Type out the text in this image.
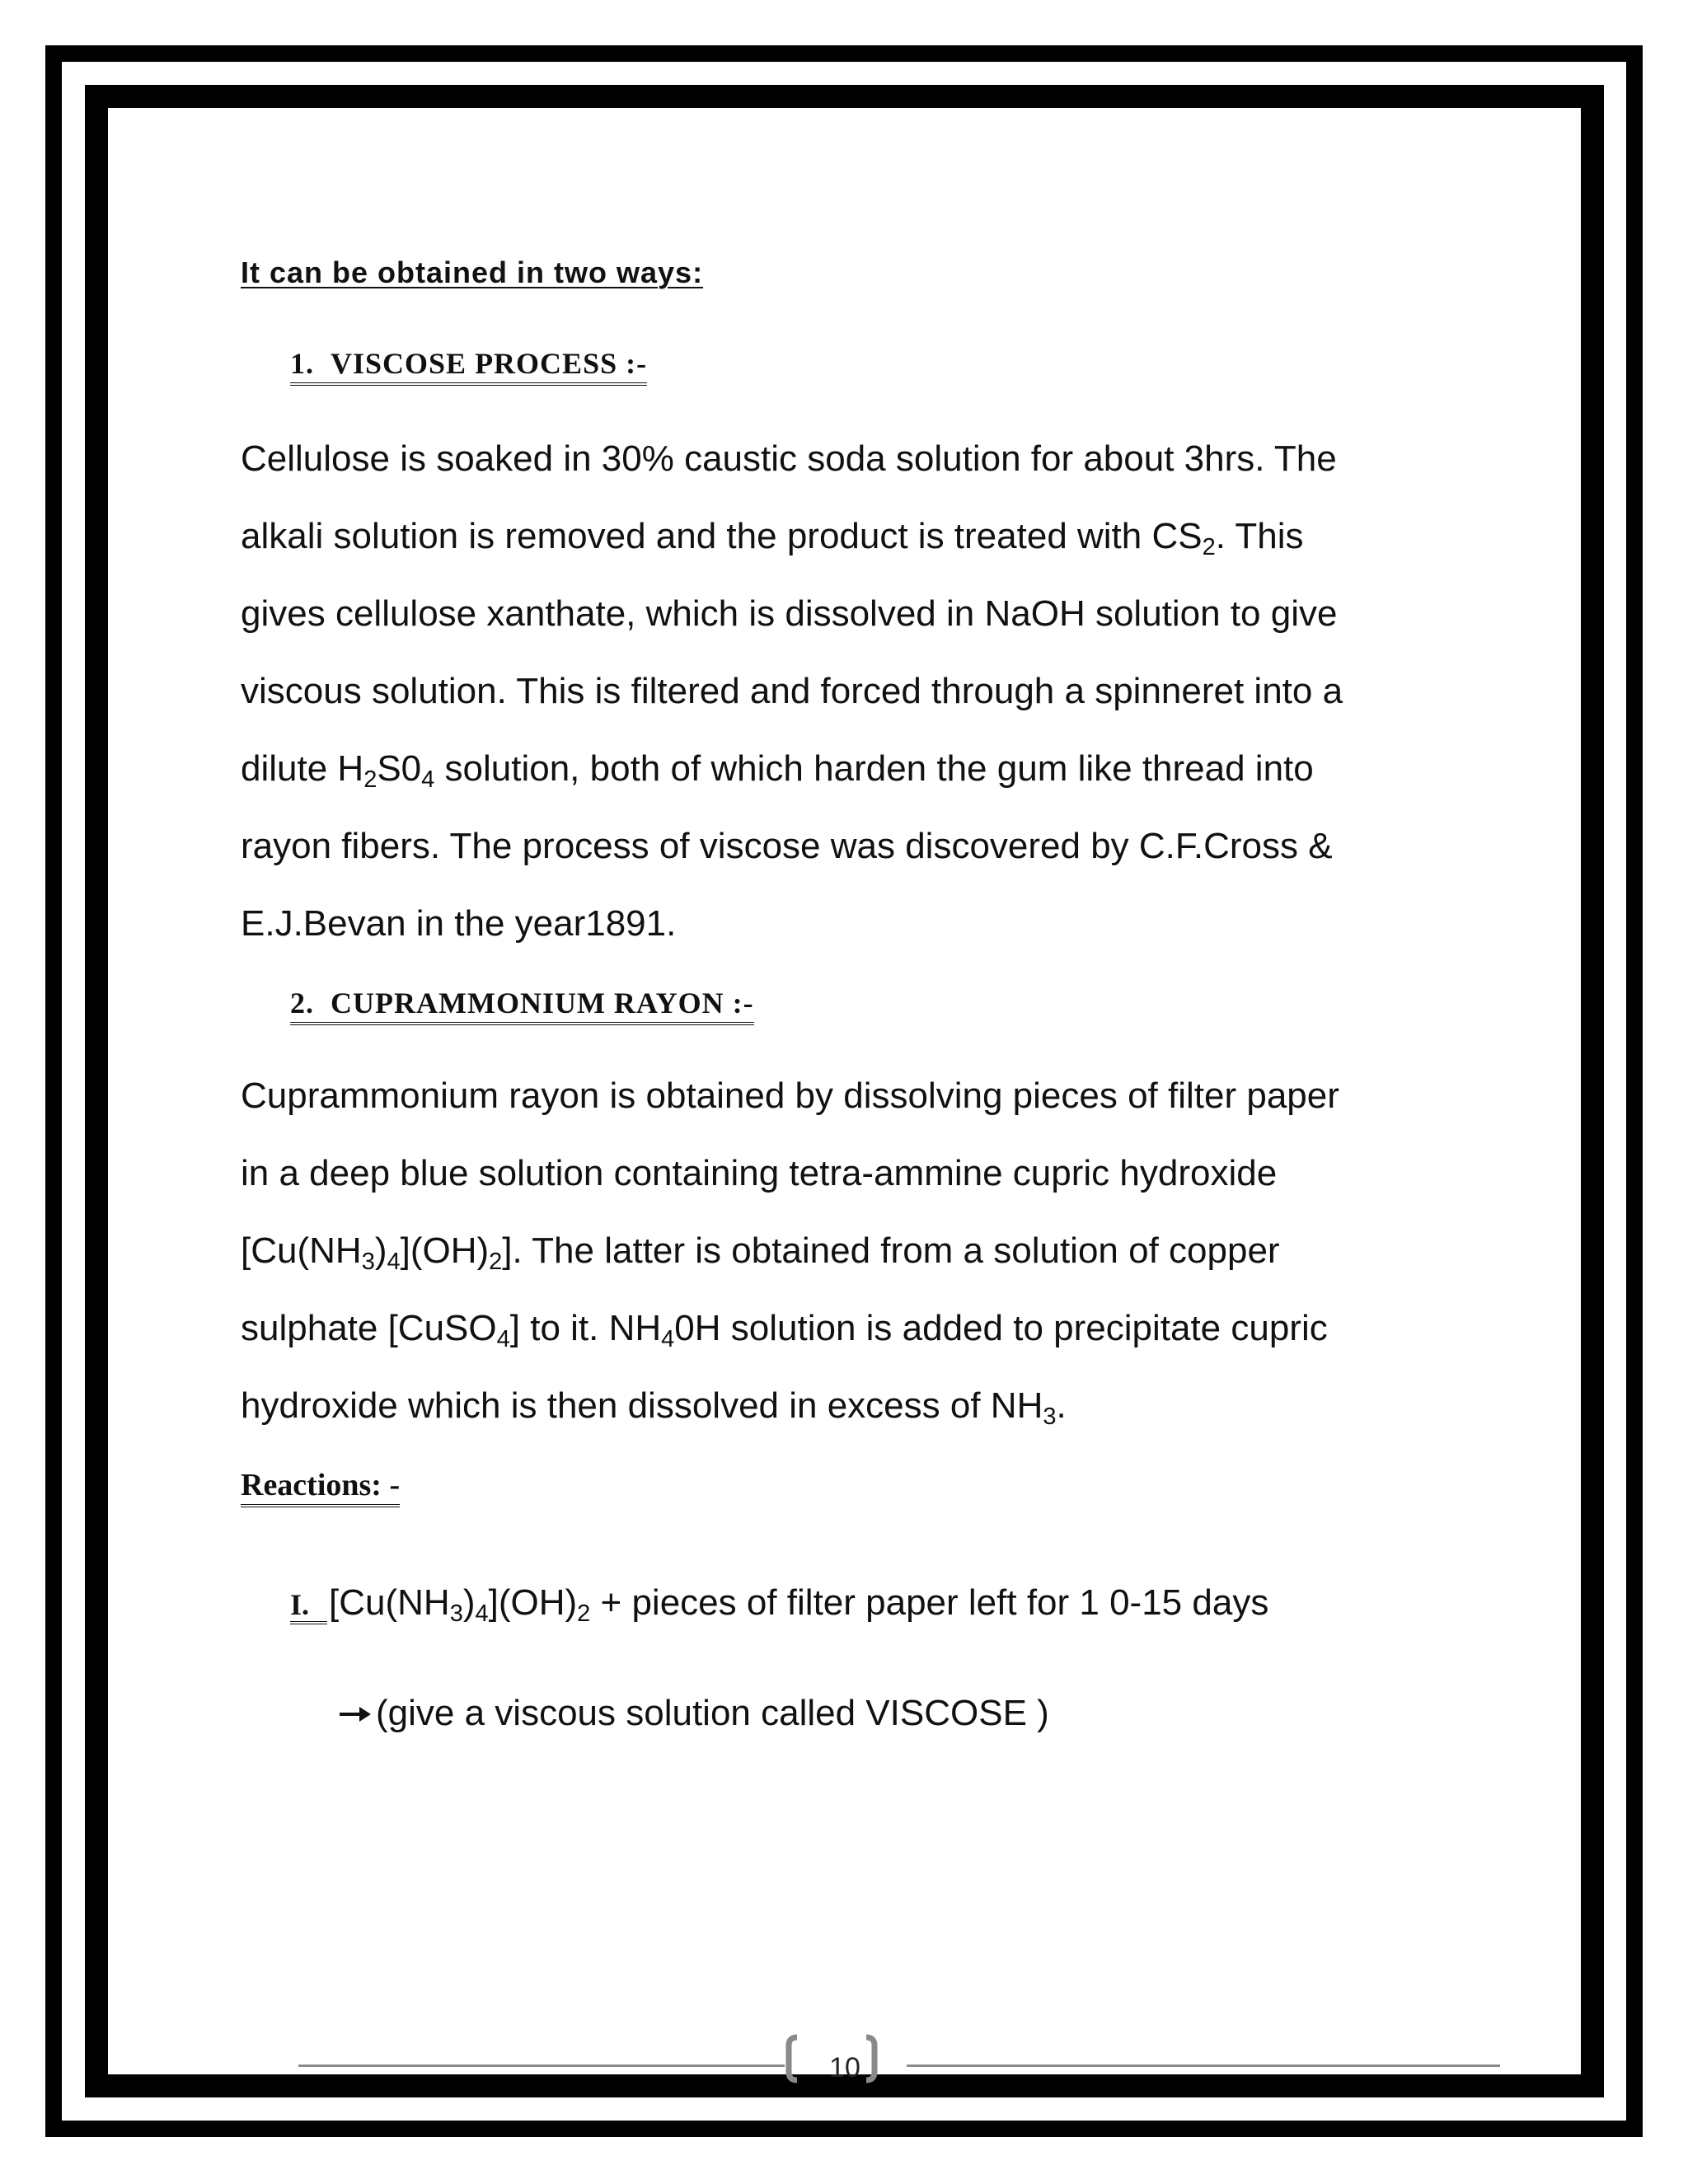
It can be obtained in two ways:

1. VISCOSE PROCESS :-

Cellulose is soaked in 30% caustic soda solution for about 3hrs. The
alkali solution is removed and the product is treated with $CS_2$. This
gives cellulose xanthate, which is dissolved in NaOH solution to give
viscous solution. This is filtered and forced through a spinneret into a
dilute $H_2S0_4$ solution, both of which harden the gum like thread into
rayon fibers. The process of viscose was discovered by C.F.Cross &
E.J.Bevan in the year1891.

2. CUPRAMMONIUM RAYON :-

Cuprammonium rayon is obtained by dissolving pieces of filter paper
in a deep blue solution containing tetra-ammine cupric hydroxide
$[Cu(NH_3)_4](OH)_2$]. The latter is obtained from a solution of copper
sulphate [CuSO$_4$] to it. $NH_40H$ solution is added to precipitate cupric
hydroxide which is then dissolved in excess of $NH_3$.

Reactions: -

I. $[Cu(NH_3)_4](OH)_2$ + pieces of filter paper left for 1 0-15 days
(give a viscous solution called VISCOSE )
10
